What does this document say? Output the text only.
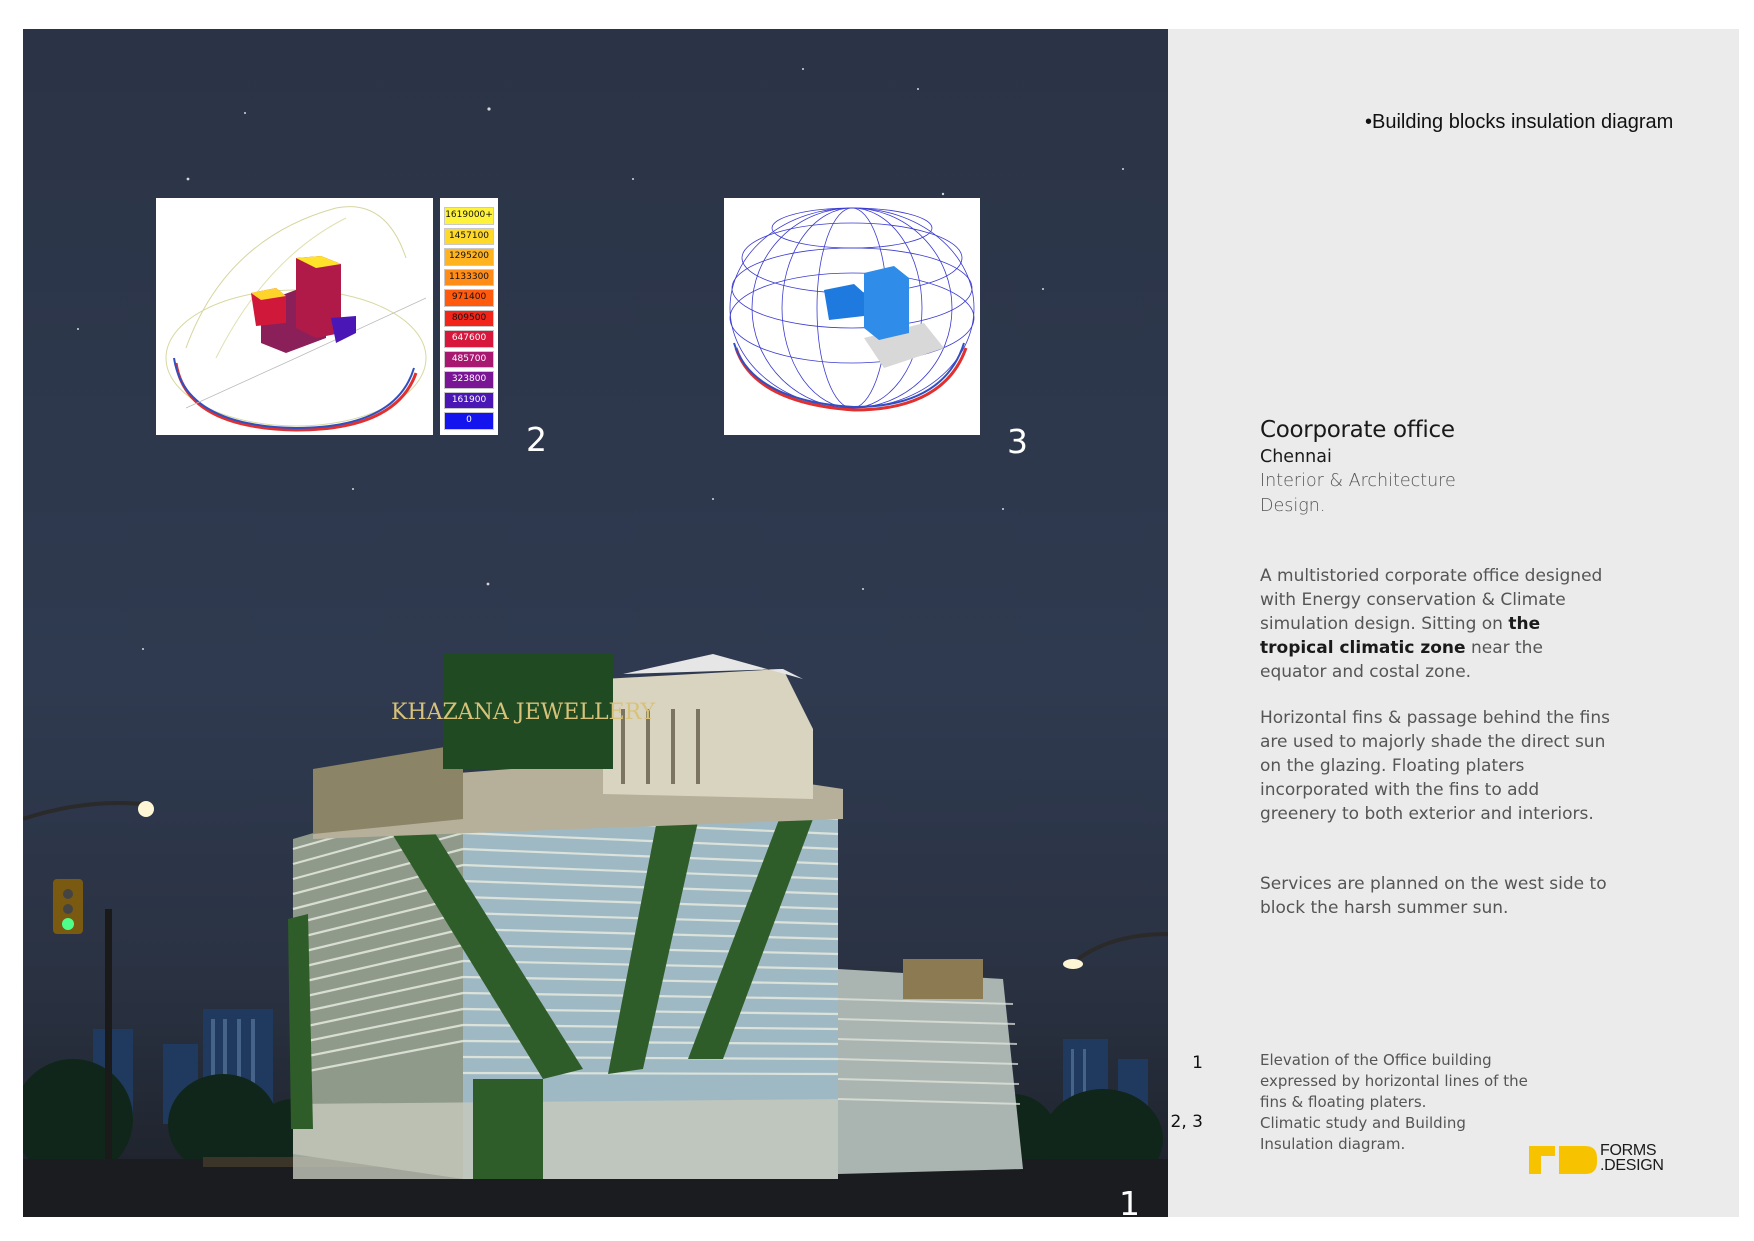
KHAZANA JEWELLERY
1619000+
1457100
1295200
1133300
971400
809500
647600
485700
323800
161900
0	2	3
1
•Building blocks insulation diagram
Coorporate office
Chennai
Interior & Architecture Design.
A multistoried corporate office designed with Energy conservation & Climate simulation design. Sitting on the tropical climatic zone near the equator and costal zone.
Horizontal fins & passage behind the fins are used to majorly shade the direct sun on the glazing. Floating platers incorporated with the fins to add greenery to both exterior and interiors.
Services are planned on the west side to block the harsh summer sun.
1	Elevation of the Office building expressed by horizontal lines of the fins & floating platers.
2, 3	Climatic study and Building Insulation diagram.	FORMS
.DESIGN
